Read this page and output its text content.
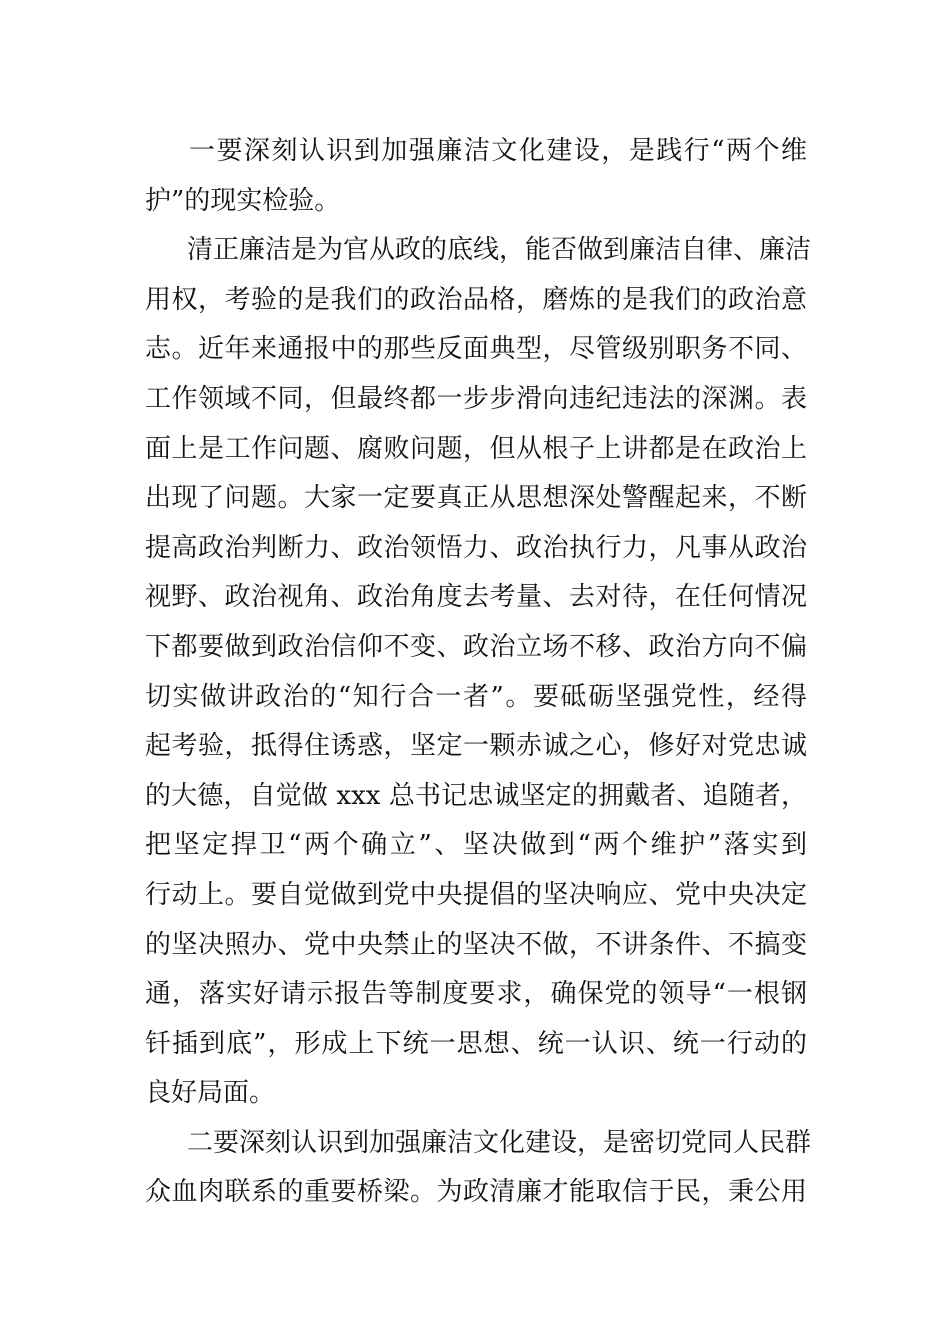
一要深刻认识到加强廉洁文化建设，是践行“两个维
护”的现实检验。
清正廉洁是为官从政的底线，能否做到廉洁自律、廉洁
用权，考验的是我们的政治品格，磨炼的是我们的政治意
志。近年来通报中的那些反面典型，尽管级别职务不同、
工作领域不同，但最终都一步步滑向违纪违法的深渊。表
面上是工作问题、腐败问题，但从根子上讲都是在政治上
出现了问题。大家一定要真正从思想深处警醒起来，不断
提高政治判断力、政治领悟力、政治执行力，凡事从政治
视野、政治视角、政治角度去考量、去对待，在任何情况
下都要做到政治信仰不变、政治立场不移、政治方向不偏
切实做讲政治的“知行合一者”。要砥砺坚强党性，经得
起考验，抵得住诱惑，坚定一颗赤诚之心，修好对党忠诚
的大德，自觉做 xxx 总书记忠诚坚定的拥戴者、追随者，
把坚定捍卫“两个确立”、坚决做到“两个维护”落实到
行动上。要自觉做到党中央提倡的坚决响应、党中央决定
的坚决照办、党中央禁止的坚决不做，不讲条件、不搞变
通，落实好请示报告等制度要求，确保党的领导“一根钢
钎插到底”，形成上下统一思想、统一认识、统一行动的
良好局面。
二要深刻认识到加强廉洁文化建设，是密切党同人民群
众血肉联系的重要桥梁。为政清廉才能取信于民，秉公用
